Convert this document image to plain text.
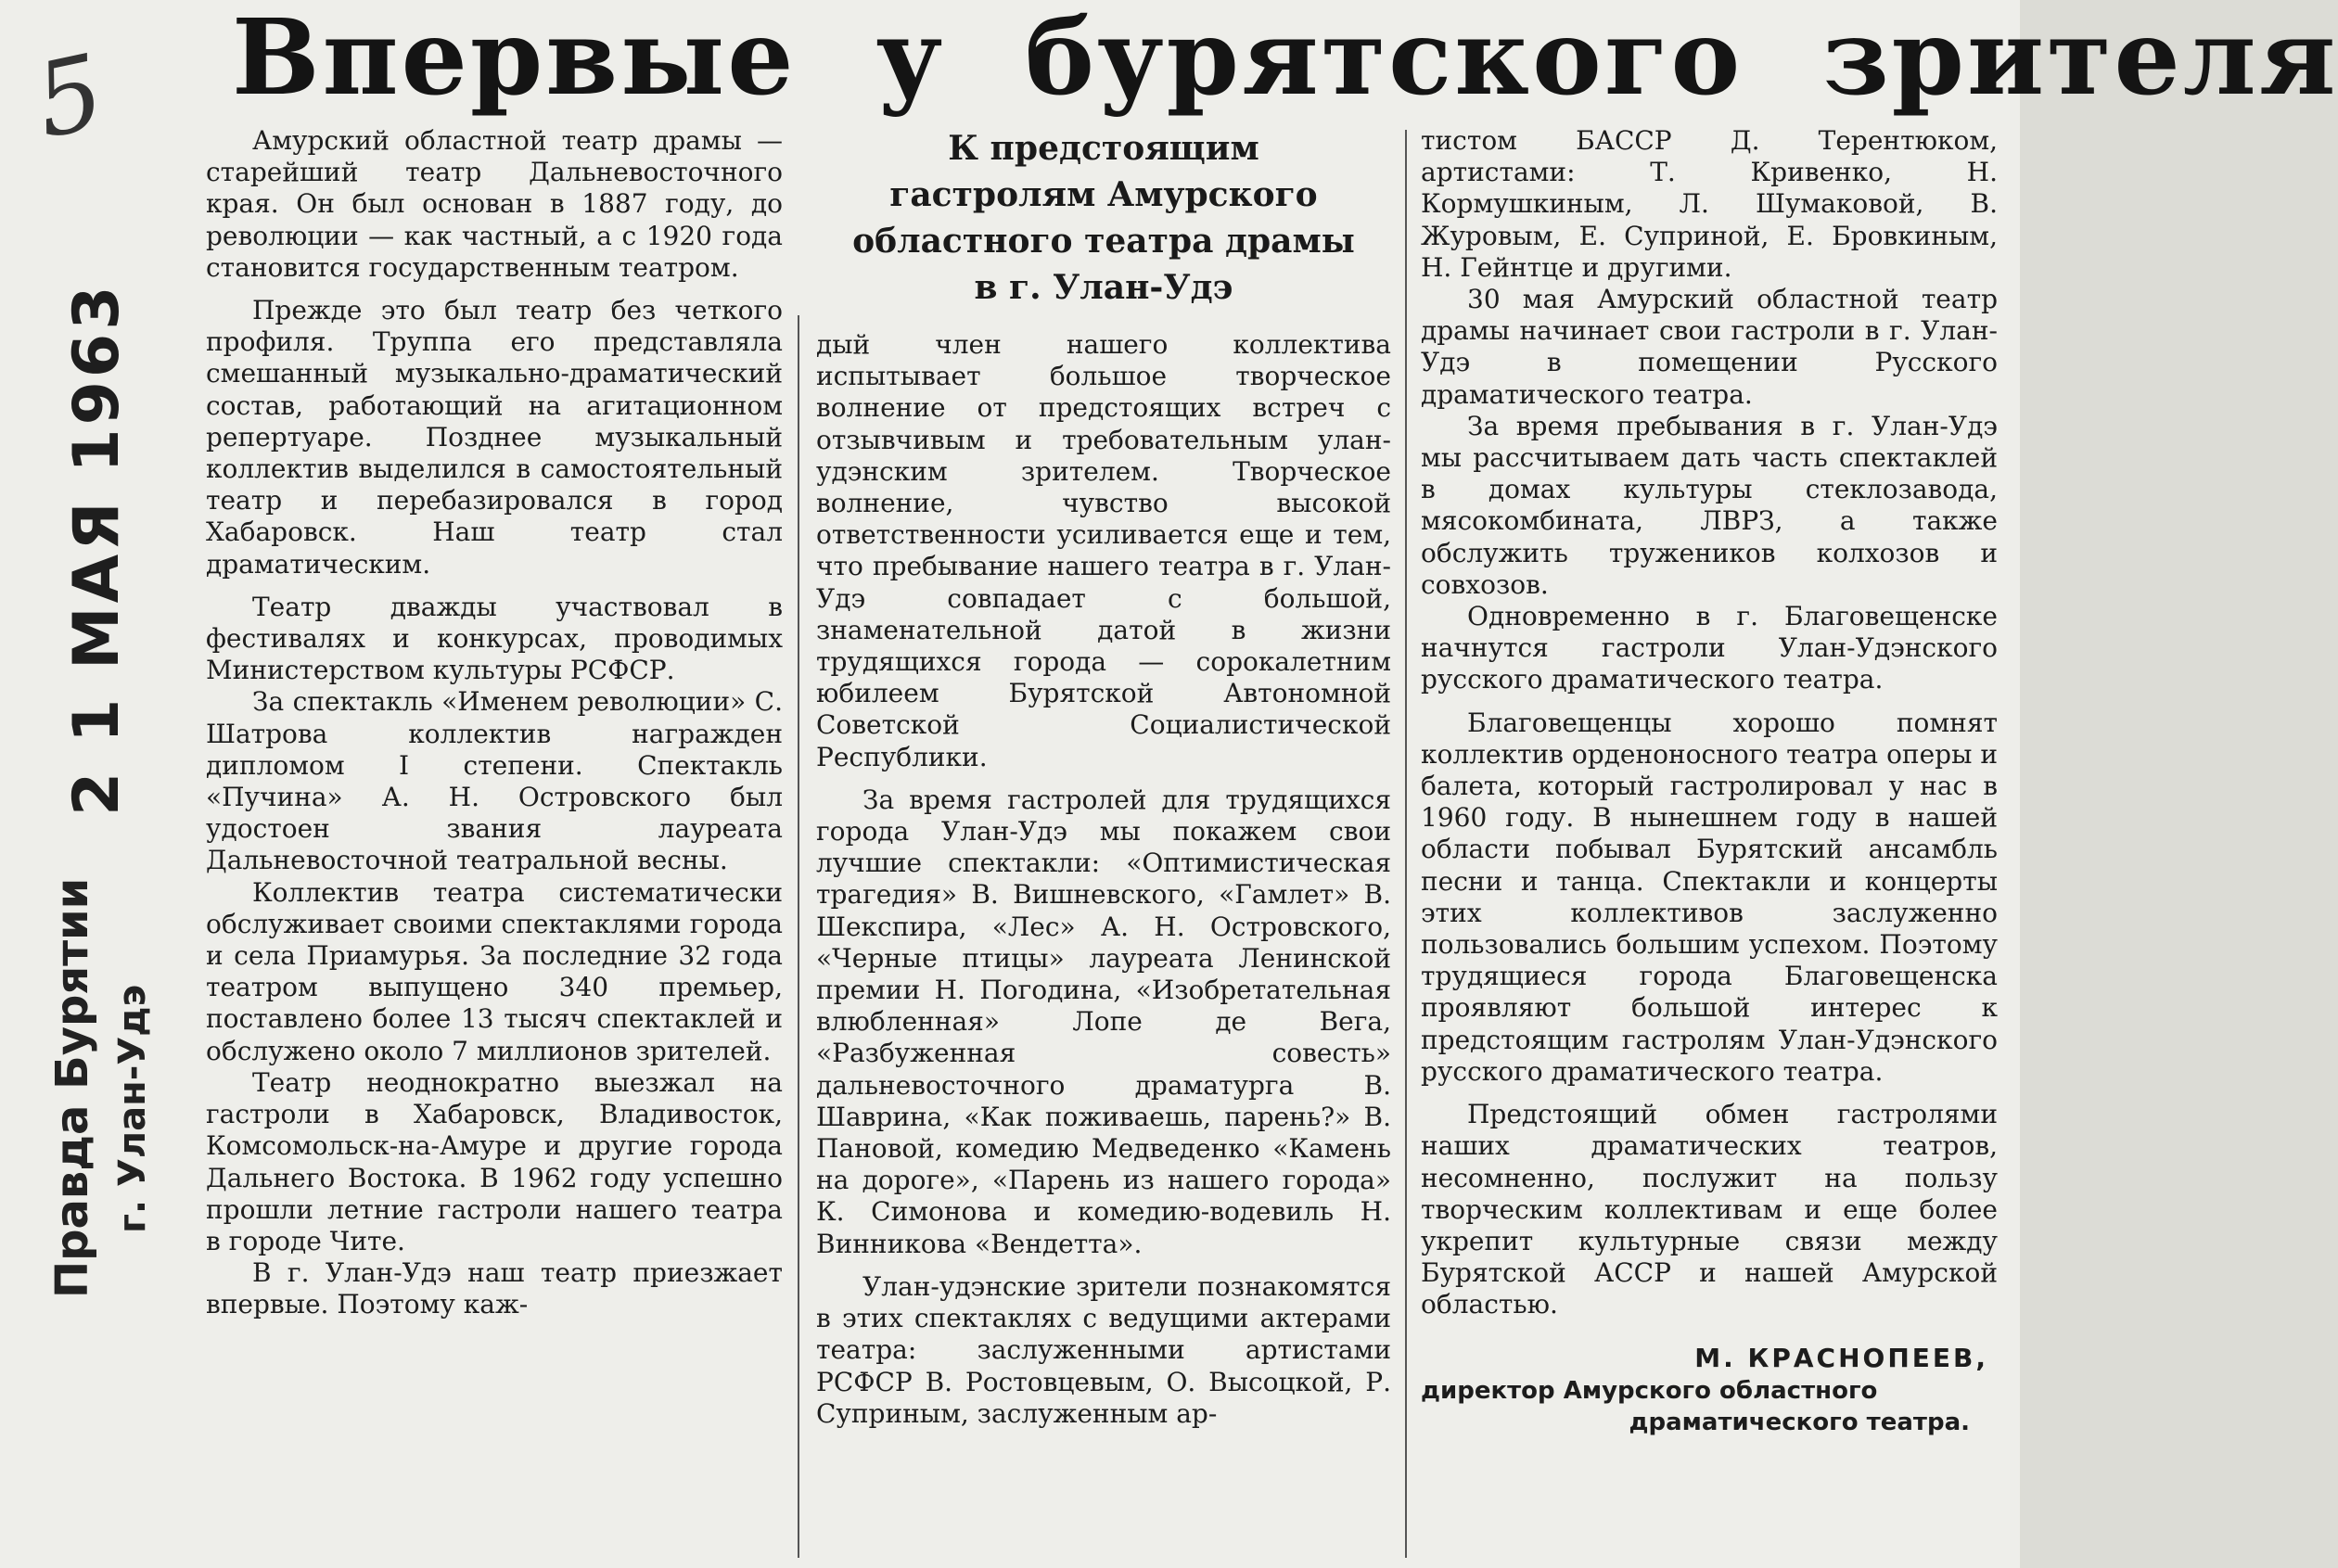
5
2 1 МАЯ 1963
Правда Бурятии г. Улан-Удэ
Впервые у бурятского зрителя
К предстоящим
гастролям Амурского
областного театра драмы
в г. Улан-Удэ

Амурский областной театр драмы — старейший театр Дальневосточного края. Он был основан в 1887 году, до революции — как частный, а с 1920 года становится государственным театром.

Прежде это был театр без четкого профиля. Труппа его представляла смешанный музыкально-драматический состав, работающий на агитационном репертуаре. Позднее музыкальный коллектив выделился в самостоятельный театр и перебазировался в город Хабаровск. Наш театр стал драматическим.

Театр дважды участвовал в фестивалях и конкурсах, проводимых Министерством культуры РСФСР.

За спектакль «Именем революции» С. Шатрова коллектив награжден дипломом I степени. Спектакль «Пучина» А. Н. Островского был удостоен звания лауреата Дальневосточной театральной весны.

Коллектив театра систематически обслуживает своими спектаклями города и села Приамурья. За последние 32 года театром выпущено 340 премьер, поставлено более 13 тысяч спектаклей и обслужено около 7 миллионов зрителей.

Театр неоднократно выезжал на гастроли в Хабаровск, Владивосток, Комсомольск-на-Амуре и другие города Дальнего Востока. В 1962 году успешно прошли летние гастроли нашего театра в городе Чите.

В г. Улан-Удэ наш театр приезжает впервые. Поэтому каж-

дый член нашего коллектива испытывает большое творческое волнение от предстоящих встреч с отзывчивым и требовательным улан-удэнским зрителем. Творческое волнение, чувство высокой ответственности усиливается еще и тем, что пребывание нашего театра в г. Улан-Удэ совпадает с большой, знаменательной датой в жизни трудящихся города — сорокалетним юбилеем Бурятской Автономной Советской Социалистической Республики.

За время гастролей для трудящихся города Улан-Удэ мы покажем свои лучшие спектакли: «Оптимистическая трагедия» В. Вишневского, «Гамлет» В. Шекспира, «Лес» А. Н. Островского, «Черные птицы» лауреата Ленинской премии Н. Погодина, «Изобретательная влюбленная» Лопе де Вега, «Разбуженная совесть» дальневосточного драматурга В. Шаврина, «Как поживаешь, парень?» В. Пановой, комедию Медведенко «Камень на дороге», «Парень из нашего города» К. Симонова и комедию-водевиль Н. Винникова «Вендетта».

Улан-удэнские зрители познакомятся в этих спектаклях с ведущими актерами театра: заслуженными артистами РСФСР В. Ростовцевым, О. Высоцкой, Р. Суприным, заслуженным ар-

тистом БАССР Д. Терентюком, артистами: Т. Кривенко, Н. Кормушкиным, Л. Шумаковой, В. Журовым, Е. Суприной, Е. Бровкиным, Н. Гейнтце и другими.

30 мая Амурский областной театр драмы начинает свои гастроли в г. Улан-Удэ в помещении Русского драматического театра.

За время пребывания в г. Улан-Удэ мы рассчитываем дать часть спектаклей в домах культуры стеклозавода, мясокомбината, ЛВРЗ, а также обслужить тружеников колхозов и совхозов.

Одновременно в г. Благовещенске начнутся гастроли Улан-Удэнского русского драматического театра.

Благовещенцы хорошо помнят коллектив орденоносного театра оперы и балета, который гастролировал у нас в 1960 году. В нынешнем году в нашей области побывал Бурятский ансамбль песни и танца. Спектакли и концерты этих коллективов заслуженно пользовались большим успехом. Поэтому трудящиеся города Благовещенска проявляют большой интерес к предстоящим гастролям Улан-Удэнского русского драматического театра.

Предстоящий обмен гастролями наших драматических театров, несомненно, послужит на пользу творческим коллективам и еще более укрепит культурные связи между Бурятской АССР и нашей Амурской областью.

М. КРАСНОПЕЕВ,
директор Амурского областного
драматического театра.
